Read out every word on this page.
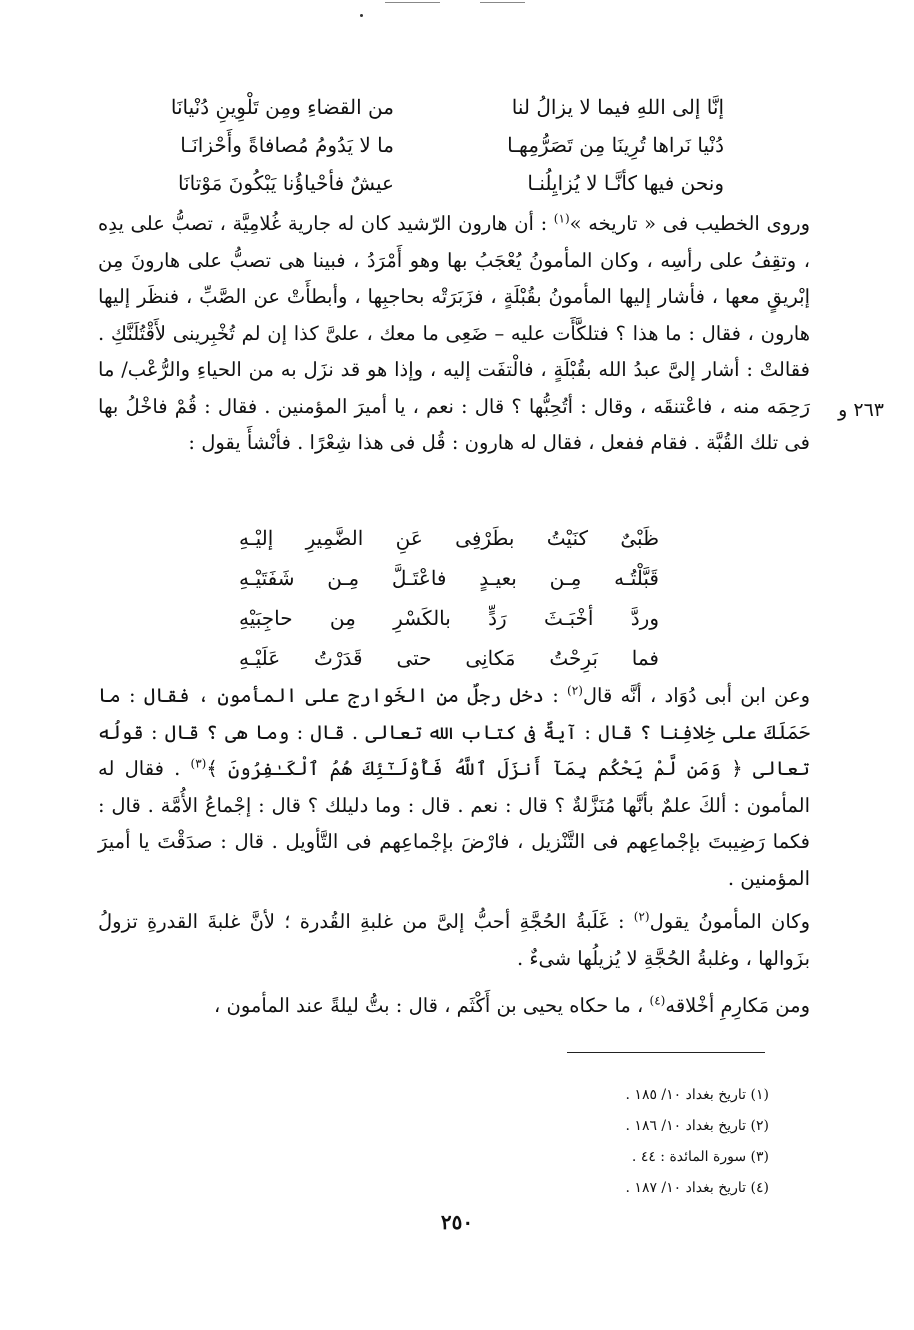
إنَّا إلى اللهِ فيما لا يزالُ لنا
من القضاءِ ومِن تَلْوِينِ دُنْيانَا
دُنْيا نَراها تُرِينَا مِن تَصَرُّمِهـا
ما لا يَدُومُ مُصافاةً وأَحْزانَـا
ونحن فيها كأنَّـا لا يُزايِلُنـا
عيشٌ فأحْياؤُنا يَبْكُونَ مَوْتانَا

وروى الخطيب فى « تاريخه »$^{(١)}$ : أن هارون الرّشيد كان له جارية غُلامِيَّة ، تصبُّ على يدِه ، وتقِفُ على رأسِه ، وكان المأمونُ يُعْجَبُ بها وهو أَمْرَدُ ، فبينا هى تصبُّ على هارونَ مِن إبْريقٍ معها ، فأشار إليها المأمونُ بقُبْلَةٍ ، فزَبَرَتْه بحاجبِها ، وأبطأَتْ عن الصَّبِّ ، فنظَر إليها هارون ، فقال : ما هذا ؟ فتلكَّأَت عليه – ضَعِى ما معك ، علىَّ كذا إن لم تُخْبِرينى لأَقْتُلَنَّكِ . فقالتْ : أشار إلىَّ عبدُ الله بقُبْلَةٍ ، فالْتفَت إليه ، وإذا هو قد نزَل به من الحياءِ والرُّعْب/ ما رَحِمَه منه ، فاعْتنقَه ، وقال : أتُحِبُّها ؟ قال : نعم ، يا أميرَ المؤمنين . فقال : قُمْ فاخْلُ بها فى تلك القُبَّة . فقام ففعل ، فقال له هارون : قُل فى هذا شِعْرًا . فأنْشأَ يقول :

٢٦٣ و
ظَبْىٌ كنَيْتُ بطَرْفِى عَنِ الضَّمِيرِ إليْـهِ
قَبَّلْتُـه مِـن بعيـدٍ فاعْتَـلَّ مِـن شَفَتَيْـهِ
وردَّ أخْبَـثَ رَدٍّ بالكَسْرِ مِن حاجِبَيْهِ
فما بَرِحْتُ مَكانِى حتى قَدَرْتُ عَلَيْـهِ

وعن ابن أبى دُوَاد ، أنَّه قال$^{(٢)}$ : دخل رجلٌ من الخَوارج على المأمون ، فقال : ما حَمَلَكَ على خِلافِنا ؟ قال : آيةٌ فى كتاب الله تعالى . قال : وما هى ؟ قال : قولُه تعالى ﴿ وَمَن لَّمْ يَحْكُم بِمَآ أَنزَلَ ٱللَّهُ فَأُوْلَـٰٓئِكَ هُمُ ٱلْكَـٰفِرُونَ ﴾$^{(٣)}$ . فقال له المأمون : ألكَ علمٌ بأنَّها مُنَزَّلةٌ ؟ قال : نعم . قال : وما دليلك ؟ قال : إجْماعُ الأُمَّة . قال : فكما رَضِيبتَ بإجْماعِهم فى التَّنْزيل ، فارْضَ بإجْماعِهم فى التَّأويل . قال : صدَقْتَ يا أميرَ المؤمنين .

وكان المأمونُ يقول$^{(٢)}$ : غَلَبةُ الحُجَّةِ أحبُّ إلىَّ من غلبةِ القُدرة ؛ لأنَّ غلبةَ القدرةِ تزولُ بزَوالها ، وغلبةُ الحُجَّةِ لا يُزيلُها شىءٌ .

ومن مَكارِمِ أخْلاقه$^{(٤)}$ ، ما حكاه يحيى بن أَكْثَم ، قال : بتُّ ليلةً عند المأمون ،

(١) تاريخ بغداد ١٠/ ١٨٥ .
(٢) تاريخ بغداد ١٠/ ١٨٦ .
(٣) سورة المائدة : ٤٤ .
(٤) تاريخ بغداد ١٠/ ١٨٧ .
٢٥٠
